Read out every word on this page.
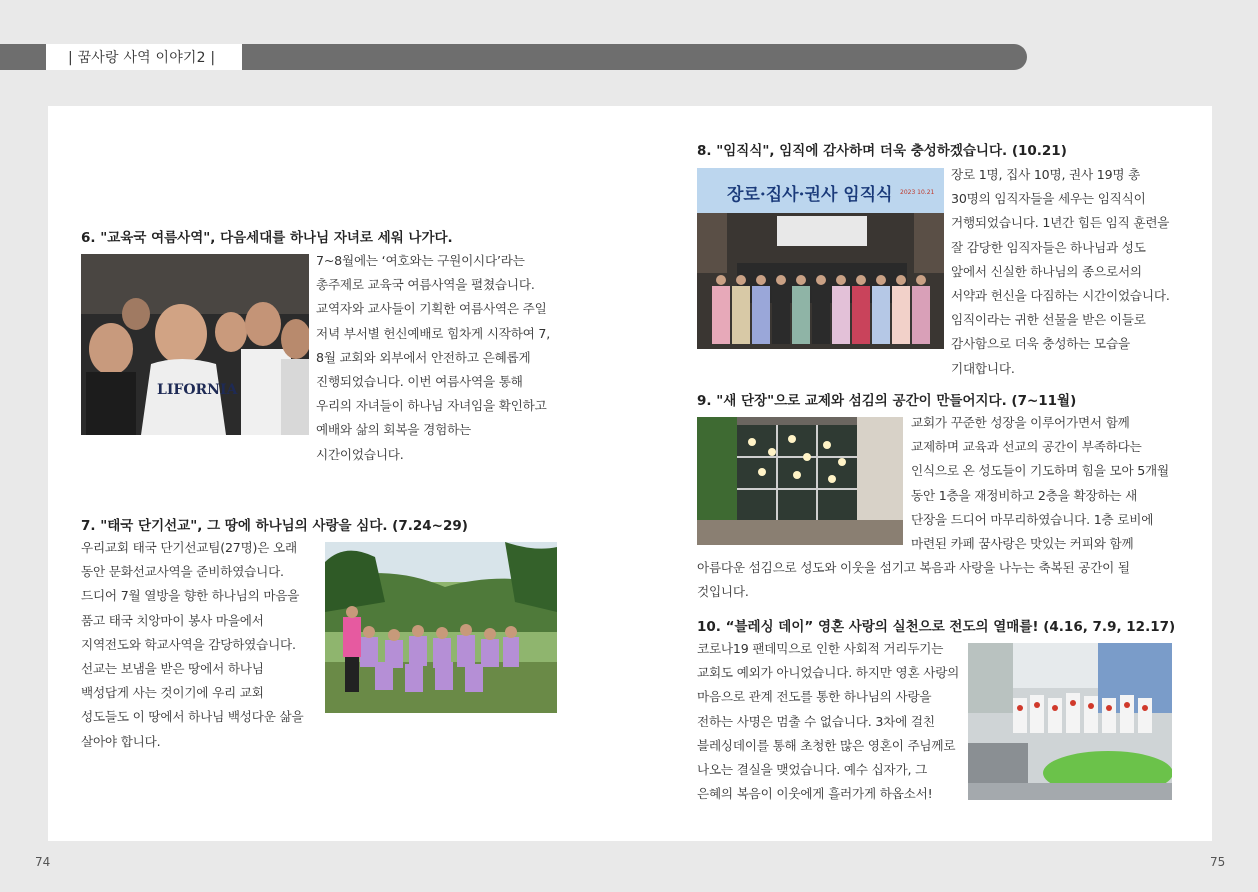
| 꿈사랑 사역 이야기2 |
6. "교육국 여름사역", 다음세대를 하나님 자녀로 세워 나가다.
LIFORNIA
7~8월에는 ‘여호와는 구원이시다’라는 총주제로 교육국 여름사역을 펼쳤습니다. 교역자와 교사들이 기획한 여름사역은 주일 저녁 부서별 헌신예배로 힘차게 시작하여 7, 8월 교회와 외부에서 안전하고 은혜롭게 진행되었습니다. 이번 여름사역을 통해 우리의 자녀들이 하나님 자녀임을 확인하고 예배와 삶의 회복을 경험하는 시간이었습니다.
7. "태국 단기선교", 그 땅에 하나님의 사랑을 심다. (7.24~29)
우리교회 태국 단기선교팀(27명)은 오래 동안 문화선교사역을 준비하였습니다. 드디어 7월 열방을 향한 하나님의 마음을 품고 태국 치앙마이 봉사 마을에서 지역전도와 학교사역을 감당하였습니다. 선교는 보냄을 받은 땅에서 하나님 백성답게 사는 것이기에 우리 교회 성도들도 이 땅에서 하나님 백성다운 삶을 살아야 합니다.
8. "임직식", 임직에 감사하며 더욱 충성하겠습니다. (10.21)
장로·집사·권사 임직식 2023 10.21
장로 1명, 집사 10명, 권사 19명 총 30명의 임직자들을 세우는 임직식이 거행되었습니다. 1년간 힘든 임직 훈련을 잘 감당한 임직자들은 하나님과 성도 앞에서 신실한 하나님의 종으로서의 서약과 헌신을 다짐하는 시간이었습니다. 임직이라는 귀한 선물을 받은 이들로 감사함으로 더욱 충성하는 모습을 기대합니다.
9. "새 단장"으로 교제와 섬김의 공간이 만들어지다. (7~11월)
교회가 꾸준한 성장을 이루어가면서 함께 교제하며 교육과 선교의 공간이 부족하다는 인식으로 온 성도들이 기도하며 힘을 모아 5개월 동안 1층을 재정비하고 2층을 확장하는 새 단장을 드디어 마무리하였습니다. 1층 로비에 마련된 카페 꿈사랑은 맛있는 커피와 함께 아름다운 섬김으로 성도와 이웃을 섬기고 복음과 사랑을 나누는 축복된 공간이 될 것입니다.
10. “블레싱 데이” 영혼 사랑의 실천으로 전도의 열매를! (4.16, 7.9, 12.17)
코로나19 팬데믹으로 인한 사회적 거리두기는 교회도 예외가 아니었습니다. 하지만 영혼 사랑의 마음으로 관계 전도를 통한 하나님의 사랑을 전하는 사명은 멈출 수 없습니다. 3차에 걸친 블레싱데이를 통해 초청한 많은 영혼이 주님께로 나오는 결실을 맺었습니다. 예수 십자가, 그 은혜의 복음이 이웃에게 흘러가게 하옵소서!
74	75
